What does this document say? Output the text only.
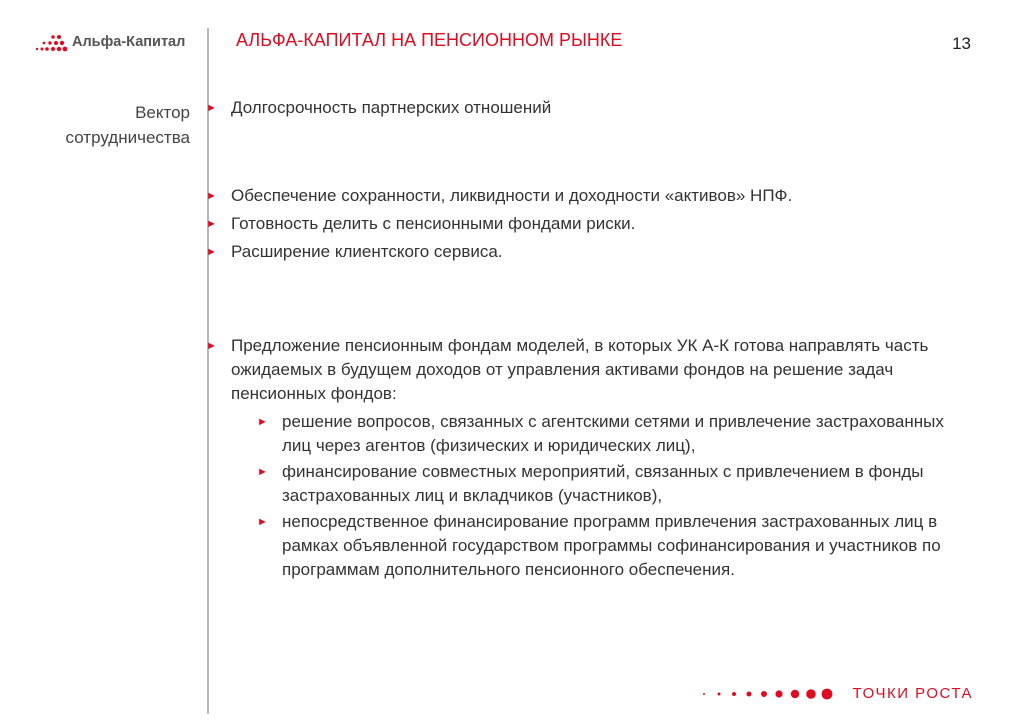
Альфа-Капитал	АЛЬФА-КАПИТАЛ НА ПЕНСИОННОМ РЫНКЕ	13
Вектор
сотрудничества
► Долгосрочность партнерских отношений
► Обеспечение сохранности, ликвидности и доходности «активов» НПФ.
► Готовность делить с пенсионными фондами риски.
► Расширение клиентского сервиса.
► Предложение пенсионным фондам моделей, в которых УК А-К готова направлять часть ожидаемых в будущем доходов от управления активами фондов на решение задач пенсионных фондов:
► решение вопросов, связанных с агентскими сетями и привлечение застрахованных лиц через агентов (физических и юридических лиц),
► финансирование совместных мероприятий, связанных с привлечением в фонды застрахованных лиц и вкладчиков (участников),
► непосредственное финансирование программ привлечения застрахованных лиц в рамках объявленной государством программы софинансирования и участников по программам дополнительного пенсионного обеспечения.
ТОЧКИ РОСТА
